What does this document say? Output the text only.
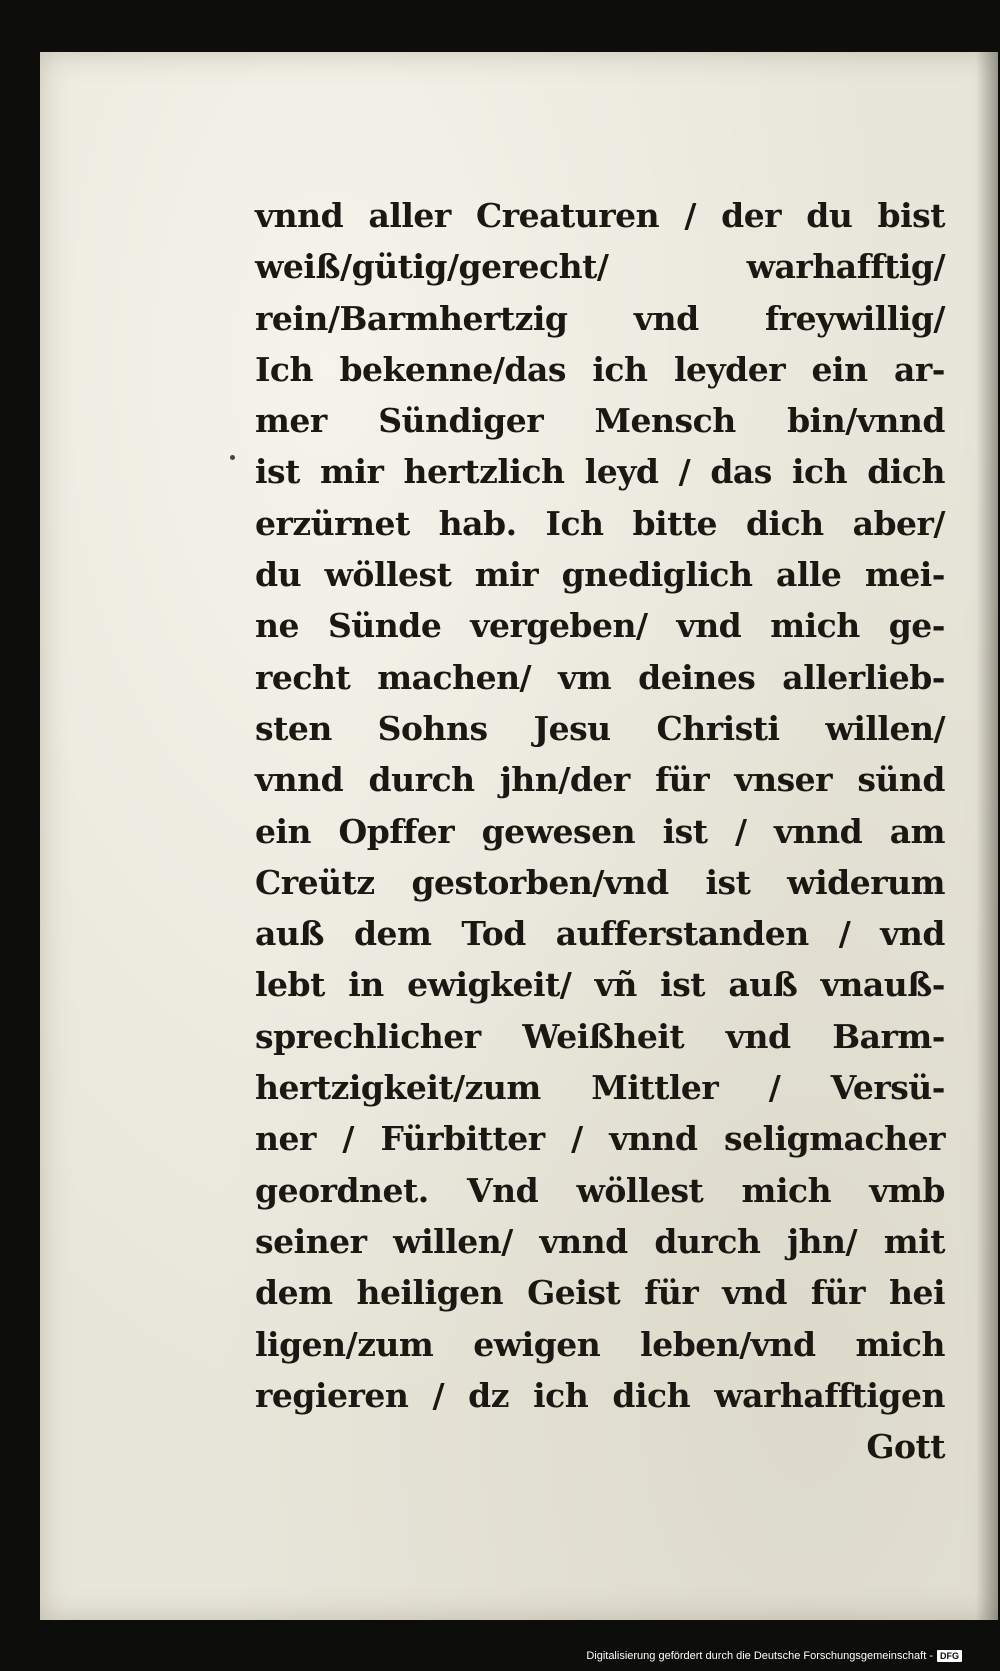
vnnd aller Creaturen / der du bist
weiß/gütig/gerecht/ warhafftig/
rein/Barmhertzig vnd freywillig/
Ich bekenne/das ich leyder ein ar-
mer Sündiger Mensch bin/vnnd
ist mir hertzlich leyd / das ich dich
erzürnet hab. Ich bitte dich aber/
du wöllest mir gnediglich alle mei-
ne Sünde vergeben/ vnd mich ge-
recht machen/ vm deines allerlieb-
sten Sohns Jesu Christi willen/
vnnd durch jhn/der für vnser sünd
ein Opffer gewesen ist / vnnd am
Creütz gestorben/vnd ist widerum
auß dem Tod aufferstanden / vnd
lebt in ewigkeit/ vñ ist auß vnauß-
sprechlicher Weißheit vnd Barm-
hertzigkeit/zum Mittler / Versü-
ner / Fürbitter / vnnd seligmacher
geordnet. Vnd wöllest mich vmb
seiner willen/ vnnd durch jhn/ mit
dem heiligen Geist für vnd für hei
ligen/zum ewigen leben/vnd mich
regieren / dz ich dich warhafftigen
Gott
Digitalisierung gefördert durch die Deutsche Forschungsgemeinschaft - DFG
